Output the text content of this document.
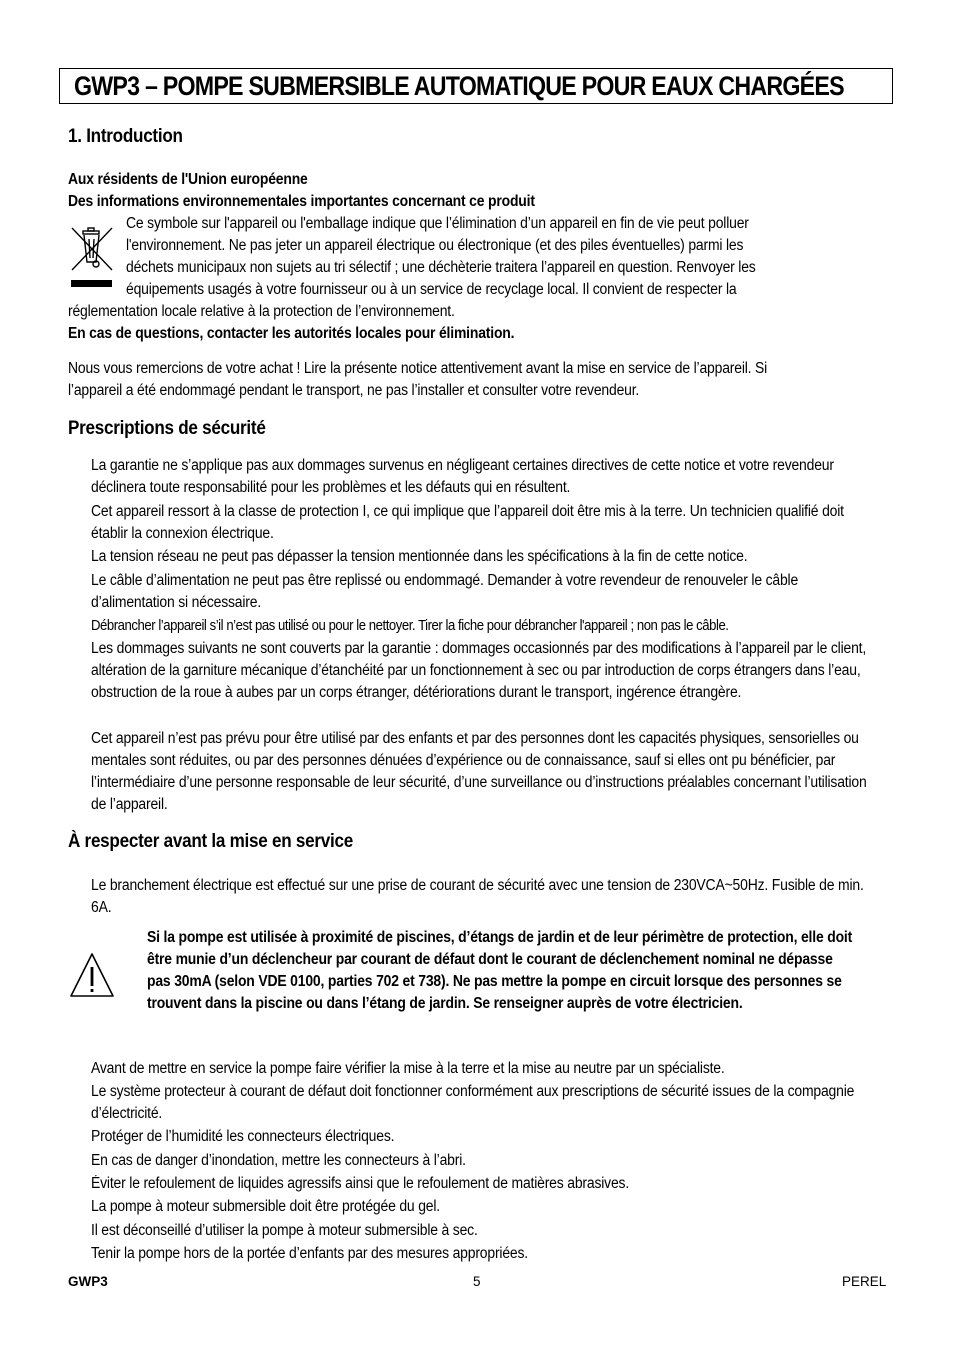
GWP3 – POMPE SUBMERSIBLE AUTOMATIQUE POUR EAUX CHARGÉES
1. Introduction

Aux résidents de l'Union européenne

Des informations environnementales importantes concernant ce produit

Ce symbole sur l'appareil ou l'emballage indique que l’élimination d’un appareil en fin de vie peut polluer

l'environnement. Ne pas jeter un appareil électrique ou électronique (et des piles éventuelles) parmi les

déchets municipaux non sujets au tri sélectif ; une déchèterie traitera l’appareil en question. Renvoyer les

équipements usagés à votre fournisseur ou à un service de recyclage local. Il convient de respecter la

réglementation locale relative à la protection de l’environnement.

En cas de questions, contacter les autorités locales pour élimination.

Nous vous remercions de votre achat ! Lire la présente notice attentivement avant la mise en service de l’appareil. Si

l’appareil a été endommagé pendant le transport, ne pas l’installer et consulter votre revendeur.

Prescriptions de sécurité

La garantie ne s’applique pas aux dommages survenus en négligeant certaines directives de cette notice et votre revendeur déclinera toute responsabilité pour les problèmes et les défauts qui en résultent.

Cet appareil ressort à la classe de protection I, ce qui implique que l’appareil doit être mis à la terre. Un technicien qualifié doit établir la connexion électrique.

La tension réseau ne peut pas dépasser la tension mentionnée dans les spécifications à la fin de cette notice.

Le câble d’alimentation ne peut pas être replissé ou endommagé. Demander à votre revendeur de renouveler le câble d’alimentation si nécessaire.

Débrancher l’appareil s’il n’est pas utilisé ou pour le nettoyer. Tirer la fiche pour débrancher l'appareil ; non pas le câble.

Les dommages suivants ne sont couverts par la garantie : dommages occasionnés par des modifications à l’appareil par le client, altération de la garniture mécanique d’étanchéité par un fonctionnement à sec ou par introduction de corps étrangers dans l’eau, obstruction de la roue à aubes par un corps étranger, détériorations durant le transport, ingérence étrangère.

Cet appareil n’est pas prévu pour être utilisé par des enfants et par des personnes dont les capacités physiques, sensorielles ou mentales sont réduites, ou par des personnes dénuées d’expérience ou de connaissance, sauf si elles ont pu bénéficier, par l’intermédiaire d’une personne responsable de leur sécurité, d’une surveillance ou d’instructions préalables concernant l’utilisation de l’appareil.

À respecter avant la mise en service

Le branchement électrique est effectué sur une prise de courant de sécurité avec une tension de 230VCA~50Hz. Fusible de min. 6A.

Si la pompe est utilisée à proximité de piscines, d’étangs de jardin et de leur périmètre de protection, elle doit être munie d’un déclencheur par courant de défaut dont le courant de déclenchement nominal ne dépasse pas 30mA (selon VDE 0100, parties 702 et 738). Ne pas mettre la pompe en circuit lorsque des personnes se trouvent dans la piscine ou dans l’étang de jardin. Se renseigner auprès de votre électricien.

Avant de mettre en service la pompe faire vérifier la mise à la terre et la mise au neutre par un spécialiste.

Le système protecteur à courant de défaut doit fonctionner conformément aux prescriptions de sécurité issues de la compagnie d’électricité.

Protéger de l’humidité les connecteurs électriques.

En cas de danger d’inondation, mettre les connecteurs à l’abri.

Éviter le refoulement de liquides agressifs ainsi que le refoulement de matières abrasives.

La pompe à moteur submersible doit être protégée du gel.

Il est déconseillé d’utiliser la pompe à moteur submersible à sec.

Tenir la pompe hors de la portée d’enfants par des mesures appropriées.

GWP3	5	PEREL
